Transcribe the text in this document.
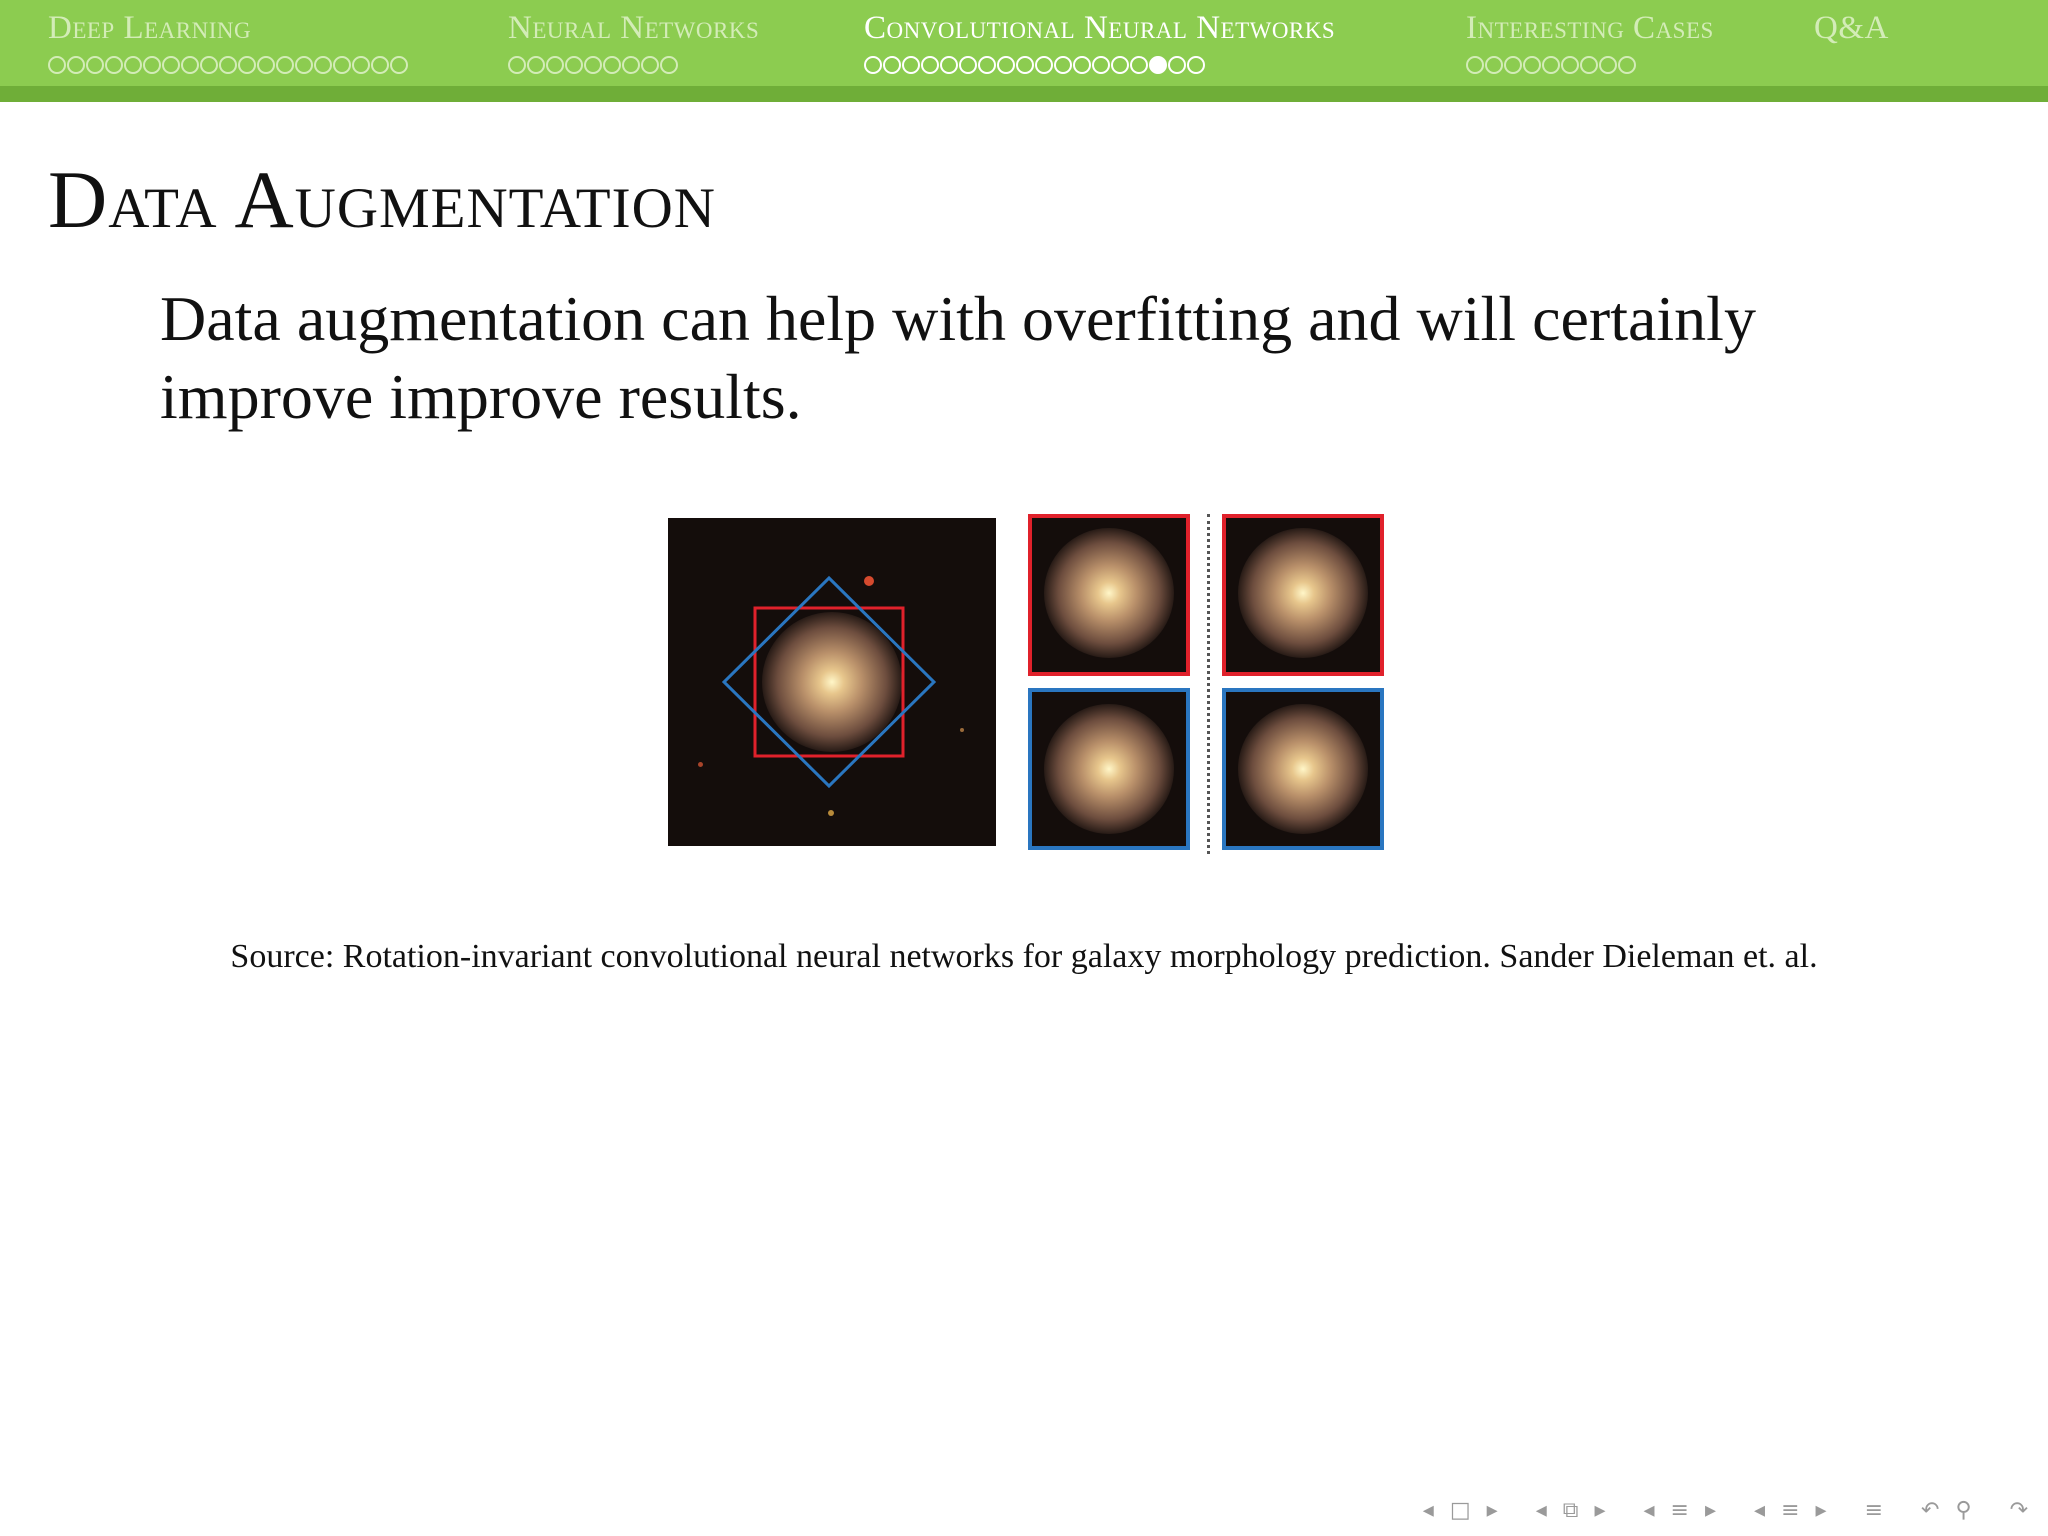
Deep Learning	Neural Networks	Convolutional Neural Networks	Interesting Cases	Q&A
Data Augmentation
Data augmentation can help with overfitting and will certainly improve improve results.
Source: Rotation-invariant convolutional neural networks for galaxy morphology prediction. Sander Dieleman et. al.
◂ □ ▸ ◂ ⧉ ▸ ◂ ≡ ▸ ◂ ≡ ▸ ≡ ↶ ⚲ ↷
